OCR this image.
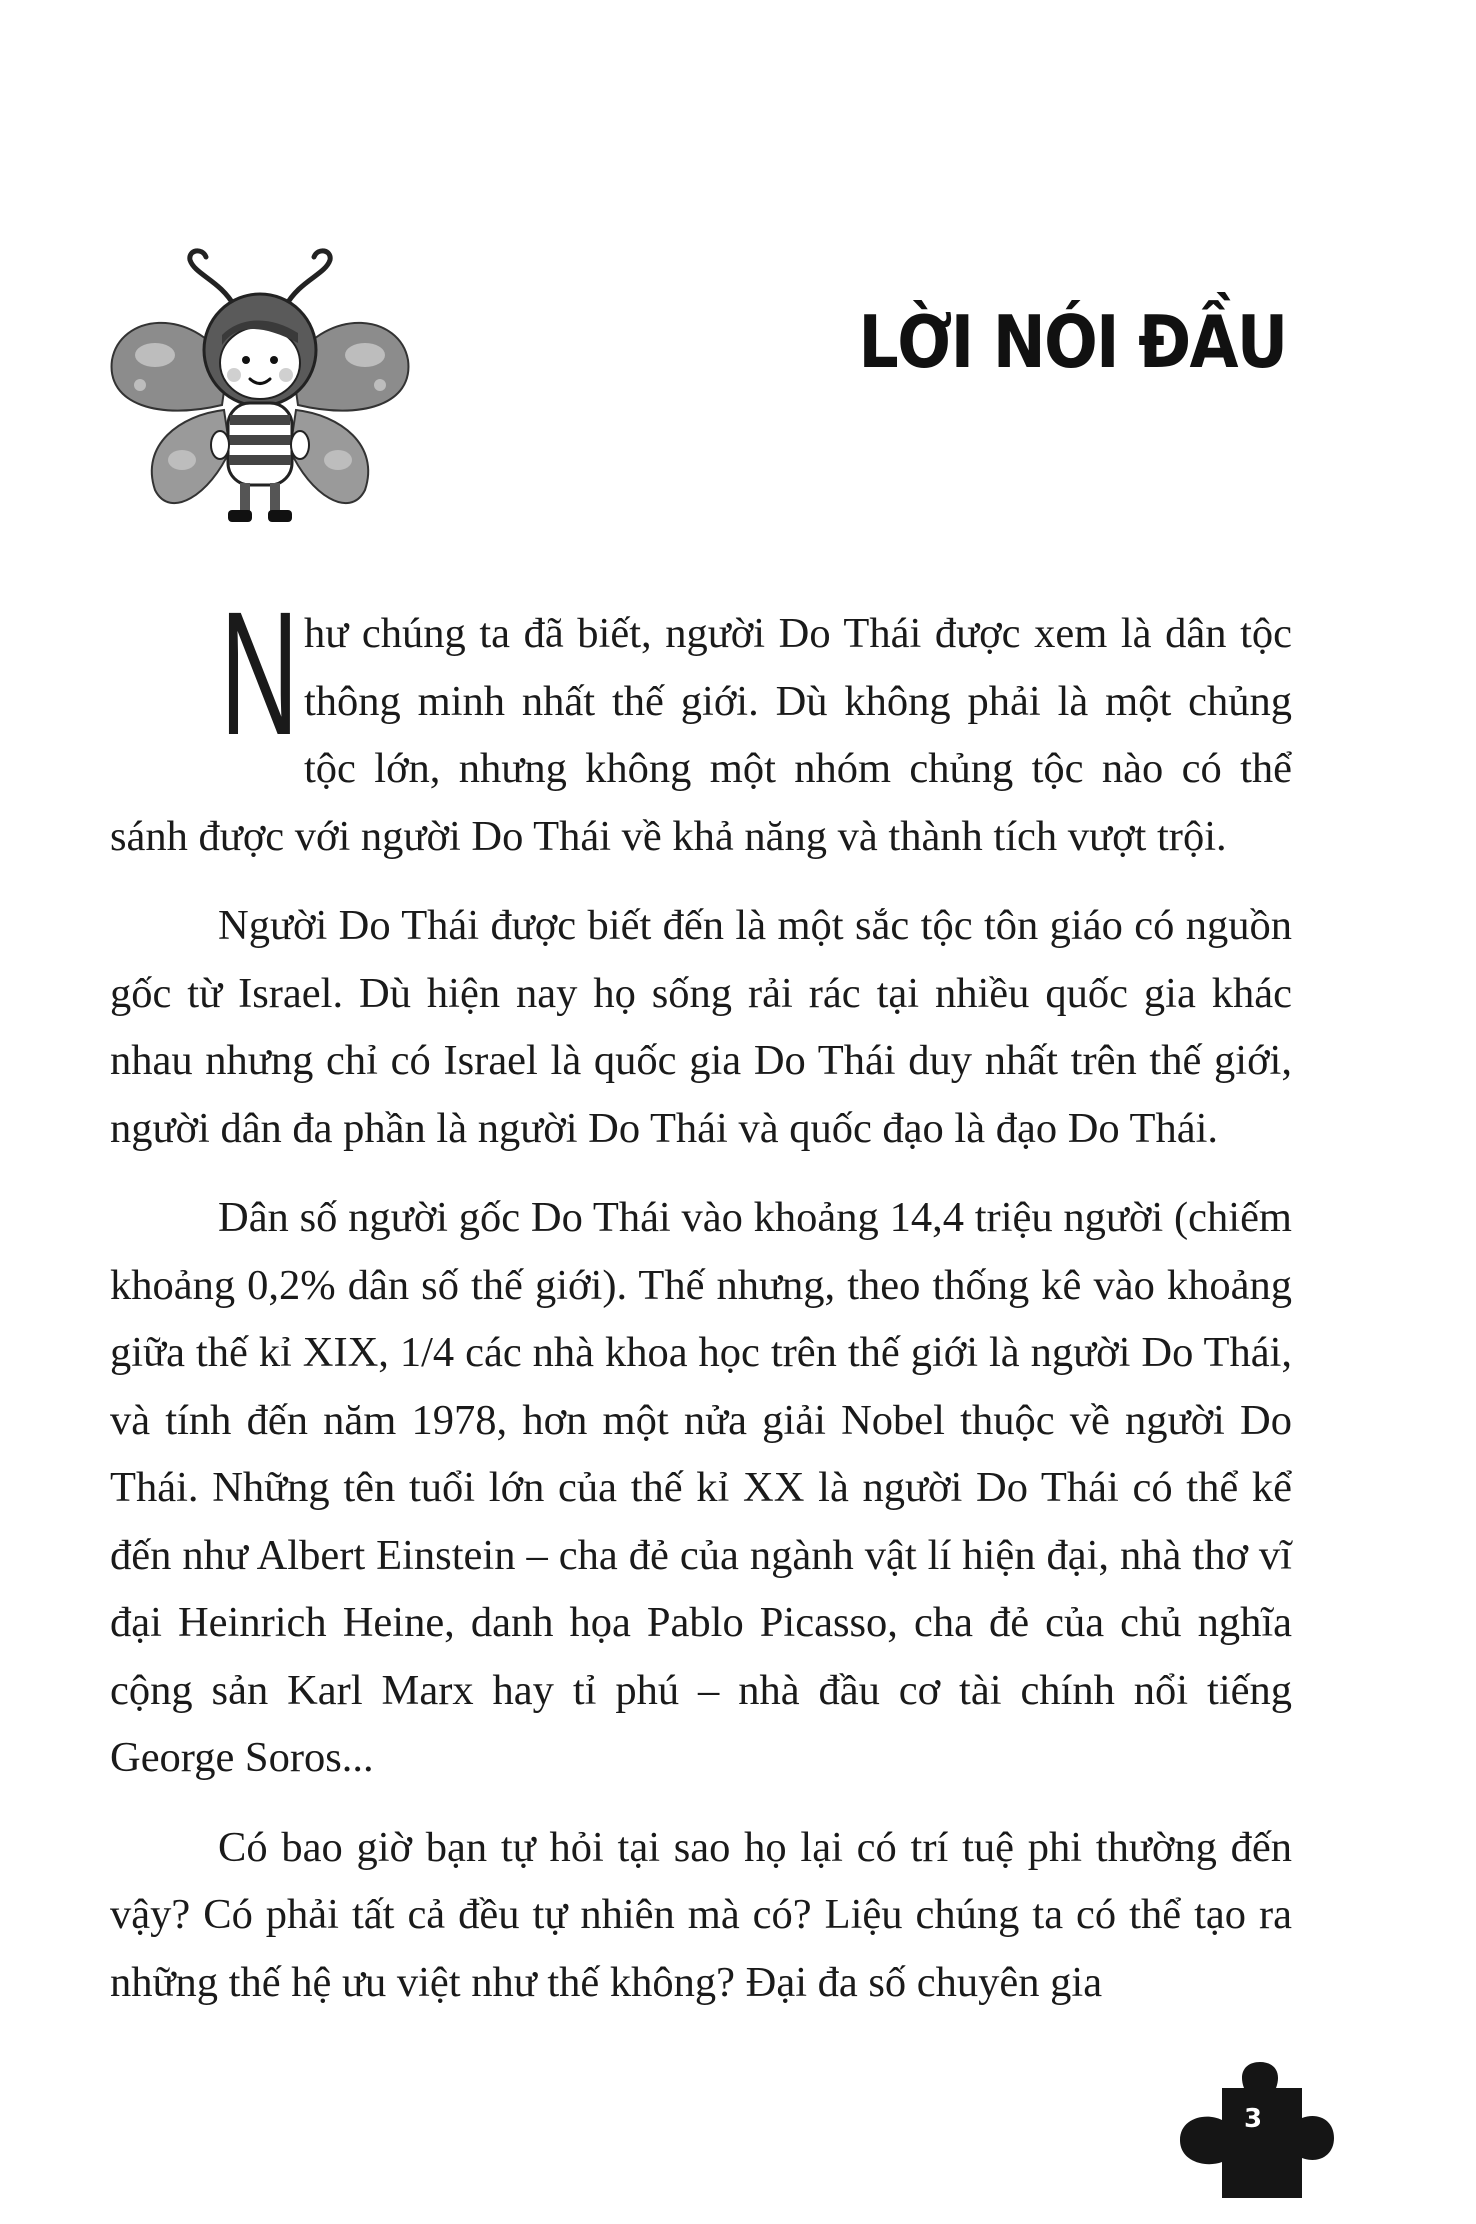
LỜI NÓI ĐẦU

N hư chúng ta đã biết, người Do Thái được xem là dân tộc thông minh nhất thế giới. Dù không phải là một chủng tộc lớn, nhưng không một nhóm chủng tộc nào có thể sánh được với người Do Thái về khả năng và thành tích vượt trội.

Người Do Thái được biết đến là một sắc tộc tôn giáo có nguồn gốc từ Israel. Dù hiện nay họ sống rải rác tại nhiều quốc gia khác nhau nhưng chỉ có Israel là quốc gia Do Thái duy nhất trên thế giới, người dân đa phần là người Do Thái và quốc đạo là đạo Do Thái.

Dân số người gốc Do Thái vào khoảng 14,4 triệu người (chiếm khoảng 0,2% dân số thế giới). Thế nhưng, theo thống kê vào khoảng giữa thế kỉ XIX, 1/4 các nhà khoa học trên thế giới là người Do Thái, và tính đến năm 1978, hơn một nửa giải Nobel thuộc về người Do Thái. Những tên tuổi lớn của thế kỉ XX là người Do Thái có thể kể đến như Albert Einstein – cha đẻ của ngành vật lí hiện đại, nhà thơ vĩ đại Heinrich Heine, danh họa Pablo Picasso, cha đẻ của chủ nghĩa cộng sản Karl Marx hay tỉ phú – nhà đầu cơ tài chính nổi tiếng George Soros...

Có bao giờ bạn tự hỏi tại sao họ lại có trí tuệ phi thường đến vậy? Có phải tất cả đều tự nhiên mà có? Liệu chúng ta có thể tạo ra những thế hệ ưu việt như thế không? Đại đa số chuyên gia

3
